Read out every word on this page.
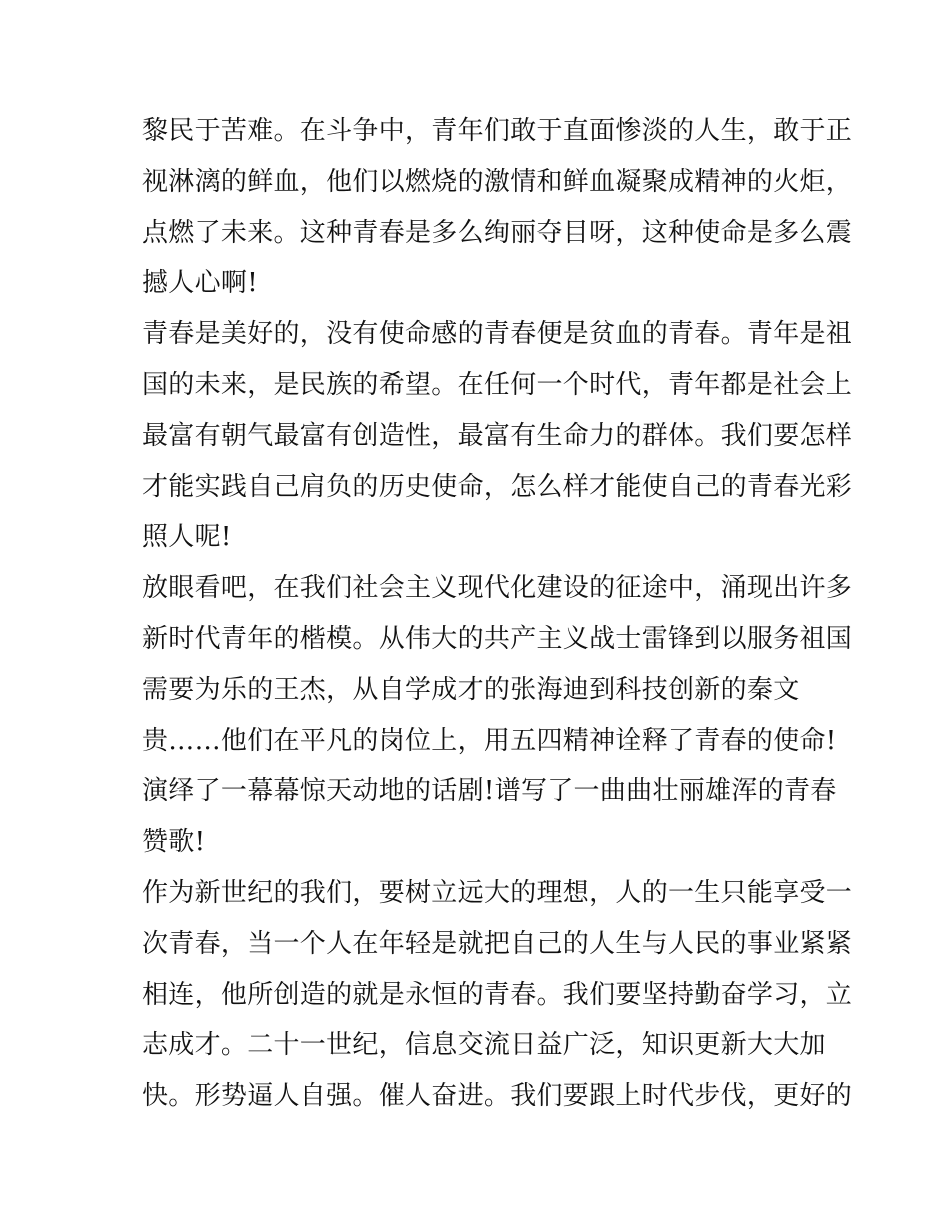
黎民于苦难。在斗争中，青年们敢于直面惨淡的人生，敢于正
视淋漓的鲜血，他们以燃烧的激情和鲜血凝聚成精神的火炬，
点燃了未来。这种青春是多么绚丽夺目呀，这种使命是多么震
撼人心啊!
青春是美好的，没有使命感的青春便是贫血的青春。青年是祖
国的未来，是民族的希望。在任何一个时代，青年都是社会上
最富有朝气最富有创造性，最富有生命力的群体。我们要怎样
才能实践自己肩负的历史使命，怎么样才能使自己的青春光彩
照人呢!
放眼看吧，在我们社会主义现代化建设的征途中，涌现出许多
新时代青年的楷模。从伟大的共产主义战士雷锋到以服务祖国
需要为乐的王杰，从自学成才的张海迪到科技创新的秦文
贵……他们在平凡的岗位上，用五四精神诠释了青春的使命!
演绎了一幕幕惊天动地的话剧!谱写了一曲曲壮丽雄浑的青春
赞歌!
作为新世纪的我们，要树立远大的理想，人的一生只能享受一
次青春，当一个人在年轻是就把自己的人生与人民的事业紧紧
相连，他所创造的就是永恒的青春。我们要坚持勤奋学习，立
志成才。二十一世纪，信息交流日益广泛，知识更新大大加
快。形势逼人自强。催人奋进。我们要跟上时代步伐，更好的
